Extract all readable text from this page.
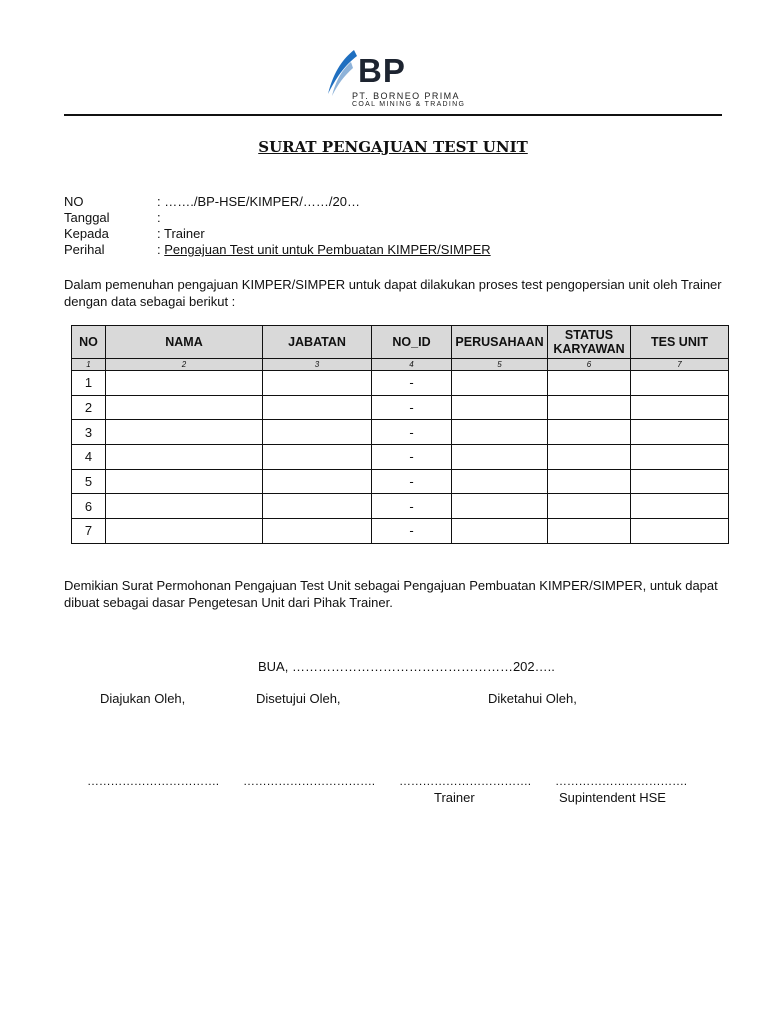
BP
PT. BORNEO PRIMA
COAL MINING & TRADING
SURAT PENGAJUAN TEST UNIT
NO	: ……./BP-HSE/KIMPER/……/20…
Tanggal	:
Kepada	: Trainer
Perihal	: Pengajuan Test unit untuk Pembuatan KIMPER/SIMPER
Dalam pemenuhan pengajuan KIMPER/SIMPER untuk dapat dilakukan proses test pengopersian unit oleh Trainer dengan data sebagai berikut :
NO	NAMA	JABATAN	NO_ID	PERUSAHAAN	STATUS KARYAWAN	TES UNIT
1	2	3	4	5	6	7
1			-			
2			-			
3			-			
4			-			
5			-			
6			-			
7			-			
Demikian Surat Permohonan Pengajuan Test Unit sebagai Pengajuan Pembuatan KIMPER/SIMPER, untuk dapat dibuat sebagai dasar Pengetesan Unit dari Pihak Trainer.
BUA, ……………………………………………202…..
Diajukan Oleh,	Disetujui Oleh,	Diketahui Oleh,
……………………………. ……………………………. ……………………………. …………………………….
Trainer	Supintendent HSE
